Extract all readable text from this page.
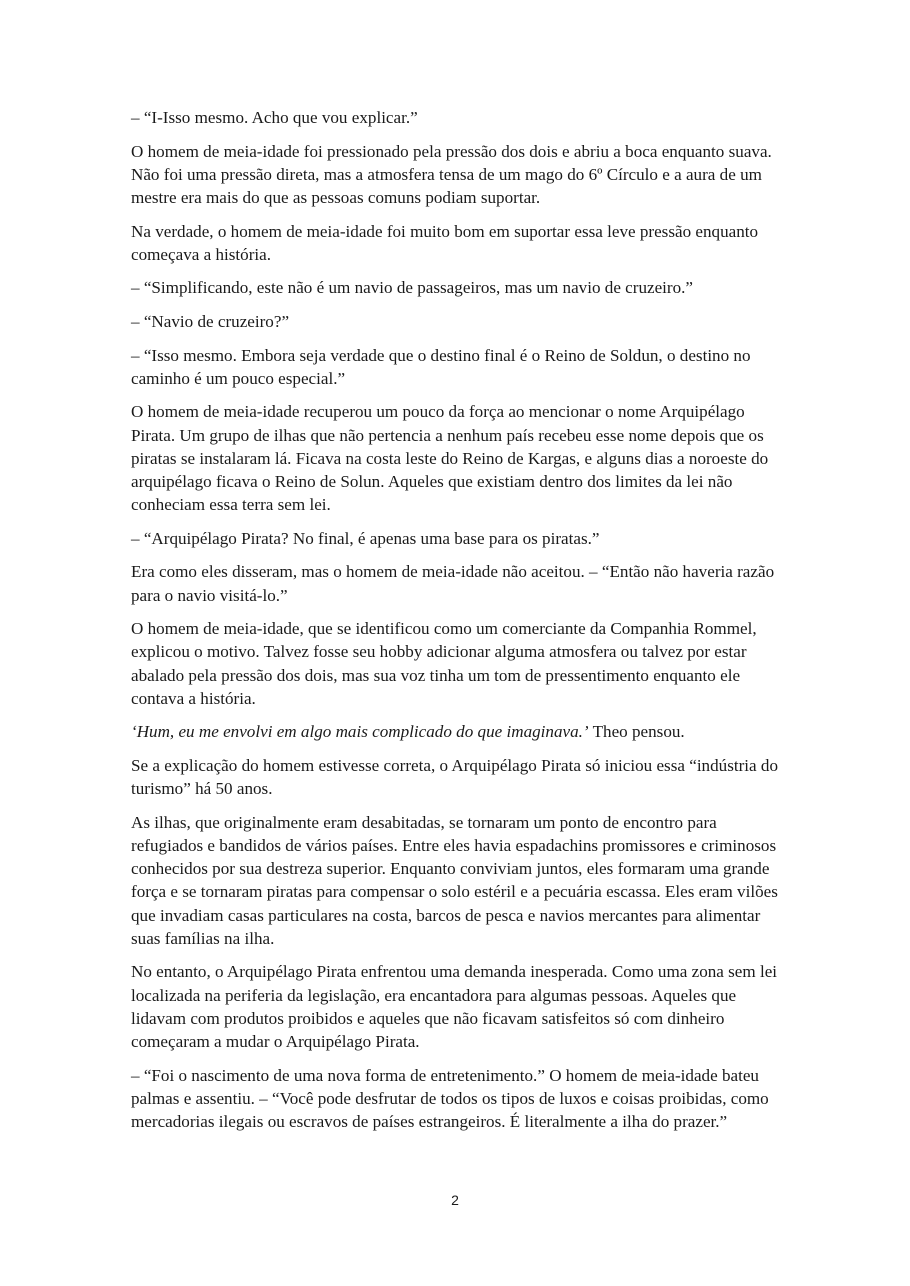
– “I-Isso mesmo. Acho que vou explicar.”

O homem de meia-idade foi pressionado pela pressão dos dois e abriu a boca enquanto suava. Não foi uma pressão direta, mas a atmosfera tensa de um mago do 6º Círculo e a aura de um mestre era mais do que as pessoas comuns podiam suportar.

Na verdade, o homem de meia-idade foi muito bom em suportar essa leve pressão enquanto começava a história.

– “Simplificando, este não é um navio de passageiros, mas um navio de cruzeiro.”

– “Navio de cruzeiro?”

– “Isso mesmo. Embora seja verdade que o destino final é o Reino de Soldun, o destino no caminho é um pouco especial.”

O homem de meia-idade recuperou um pouco da força ao mencionar o nome Arquipélago Pirata. Um grupo de ilhas que não pertencia a nenhum país recebeu esse nome depois que os piratas se instalaram lá. Ficava na costa leste do Reino de Kargas, e alguns dias a noroeste do arquipélago ficava o Reino de Solun. Aqueles que existiam dentro dos limites da lei não conheciam essa terra sem lei.

– “Arquipélago Pirata? No final, é apenas uma base para os piratas.”

Era como eles disseram, mas o homem de meia-idade não aceitou. – “Então não haveria razão para o navio visitá-lo.”

O homem de meia-idade, que se identificou como um comerciante da Companhia Rommel, explicou o motivo. Talvez fosse seu hobby adicionar alguma atmosfera ou talvez por estar abalado pela pressão dos dois, mas sua voz tinha um tom de pressentimento enquanto ele contava a história.

‘Hum, eu me envolvi em algo mais complicado do que imaginava.’ Theo pensou.

Se a explicação do homem estivesse correta, o Arquipélago Pirata só iniciou essa “indústria do turismo” há 50 anos.

As ilhas, que originalmente eram desabitadas, se tornaram um ponto de encontro para refugiados e bandidos de vários países. Entre eles havia espadachins promissores e criminosos conhecidos por sua destreza superior. Enquanto conviviam juntos, eles formaram uma grande força e se tornaram piratas para compensar o solo estéril e a pecuária escassa. Eles eram vilões que invadiam casas particulares na costa, barcos de pesca e navios mercantes para alimentar suas famílias na ilha.

No entanto, o Arquipélago Pirata enfrentou uma demanda inesperada. Como uma zona sem lei localizada na periferia da legislação, era encantadora para algumas pessoas. Aqueles que lidavam com produtos proibidos e aqueles que não ficavam satisfeitos só com dinheiro começaram a mudar o Arquipélago Pirata.

– “Foi o nascimento de uma nova forma de entretenimento.” O homem de meia-idade bateu palmas e assentiu. – “Você pode desfrutar de todos os tipos de luxos e coisas proibidas, como mercadorias ilegais ou escravos de países estrangeiros. É literalmente a ilha do prazer.”

2
